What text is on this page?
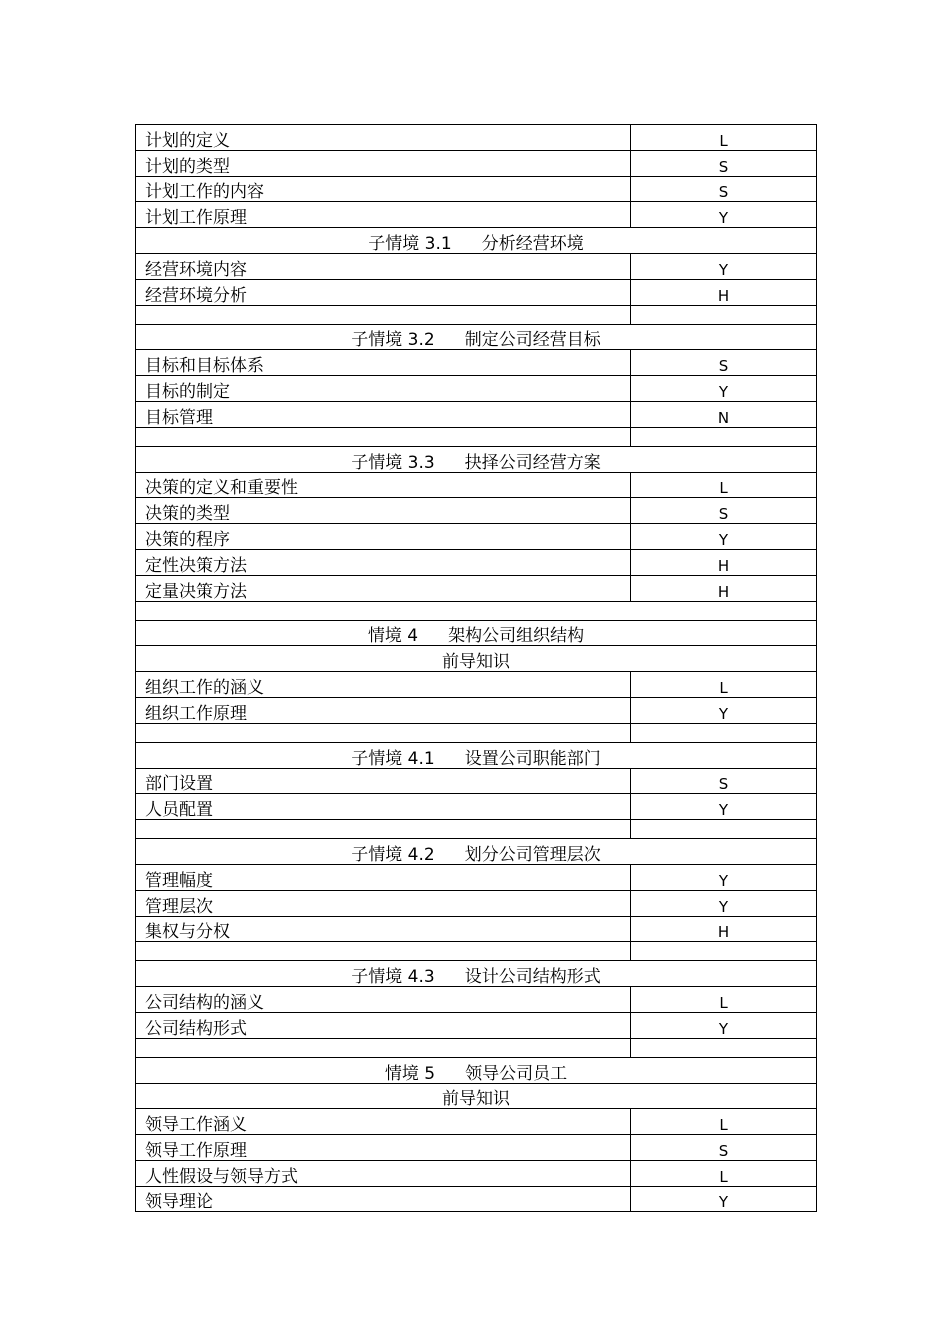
计划的定义	L
计划的类型	S
计划工作的内容	S
计划工作原理	Y
子情境 3.1 分析经营环境	
经营环境内容	Y
经营环境分析	H

子情境 3.2 制定公司经营目标	
目标和目标体系	S
目标的制定	Y
目标管理	N

子情境 3.3 抉择公司经营方案	
决策的定义和重要性	L
决策的类型	S
决策的程序	Y
定性决策方法	H
定量决策方法	H

情境 4 架构公司组织结构	
前导知识	
组织工作的涵义	L
组织工作原理	Y

子情境 4.1 设置公司职能部门	
部门设置	S
人员配置	Y

子情境 4.2 划分公司管理层次	
管理幅度	Y
管理层次	Y
集权与分权	H

子情境 4.3 设计公司结构形式	
公司结构的涵义	L
公司结构形式	Y

情境 5 领导公司员工	
前导知识	
领导工作涵义	L
领导工作原理	S
人性假设与领导方式	L
领导理论	Y
